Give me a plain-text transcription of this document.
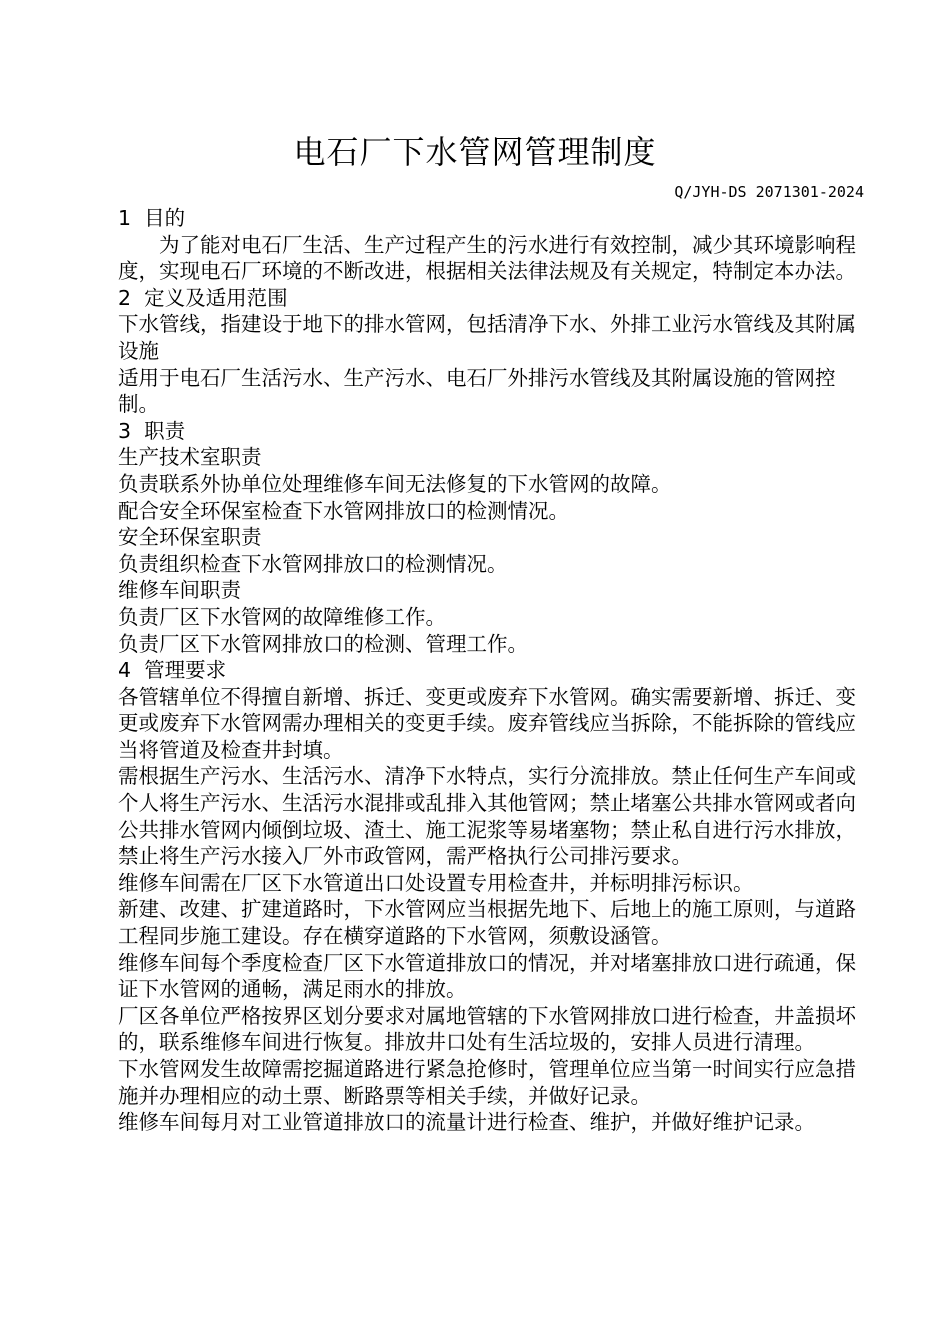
电石厂下水管网管理制度
Q/JYH-DS 2071301-2024

1  目的

为了能对电石厂生活、生产过程产生的污水进行有效控制，减少其环境影响程度，实现电石厂环境的不断改进，根据相关法律法规及有关规定，特制定本办法。

2  定义及适用范围

下水管线，指建设于地下的排水管网，包括清净下水、外排工业污水管线及其附属设施

适用于电石厂生活污水、生产污水、电石厂外排污水管线及其附属设施的管网控制。

3  职责

生产技术室职责

负责联系外协单位处理维修车间无法修复的下水管网的故障。

配合安全环保室检查下水管网排放口的检测情况。

安全环保室职责

负责组织检查下水管网排放口的检测情况。

维修车间职责

负责厂区下水管网的故障维修工作。

负责厂区下水管网排放口的检测、管理工作。

4  管理要求

各管辖单位不得擅自新增、拆迁、变更或废弃下水管网。确实需要新增、拆迁、变更或废弃下水管网需办理相关的变更手续。废弃管线应当拆除，不能拆除的管线应当将管道及检查井封填。

需根据生产污水、生活污水、清净下水特点，实行分流排放。禁止任何生产车间或个人将生产污水、生活污水混排或乱排入其他管网；禁止堵塞公共排水管网或者向公共排水管网内倾倒垃圾、渣土、施工泥浆等易堵塞物；禁止私自进行污水排放，禁止将生产污水接入厂外市政管网，需严格执行公司排污要求。

维修车间需在厂区下水管道出口处设置专用检查井，并标明排污标识。

新建、改建、扩建道路时，下水管网应当根据先地下、后地上的施工原则，与道路工程同步施工建设。存在横穿道路的下水管网，须敷设涵管。

维修车间每个季度检查厂区下水管道排放口的情况，并对堵塞排放口进行疏通，保证下水管网的通畅，满足雨水的排放。

厂区各单位严格按界区划分要求对属地管辖的下水管网排放口进行检查，井盖损坏的，联系维修车间进行恢复。排放井口处有生活垃圾的，安排人员进行清理。

下水管网发生故障需挖掘道路进行紧急抢修时，管理单位应当第一时间实行应急措施并办理相应的动土票、断路票等相关手续，并做好记录。

维修车间每月对工业管道排放口的流量计进行检查、维护，并做好维护记录。
